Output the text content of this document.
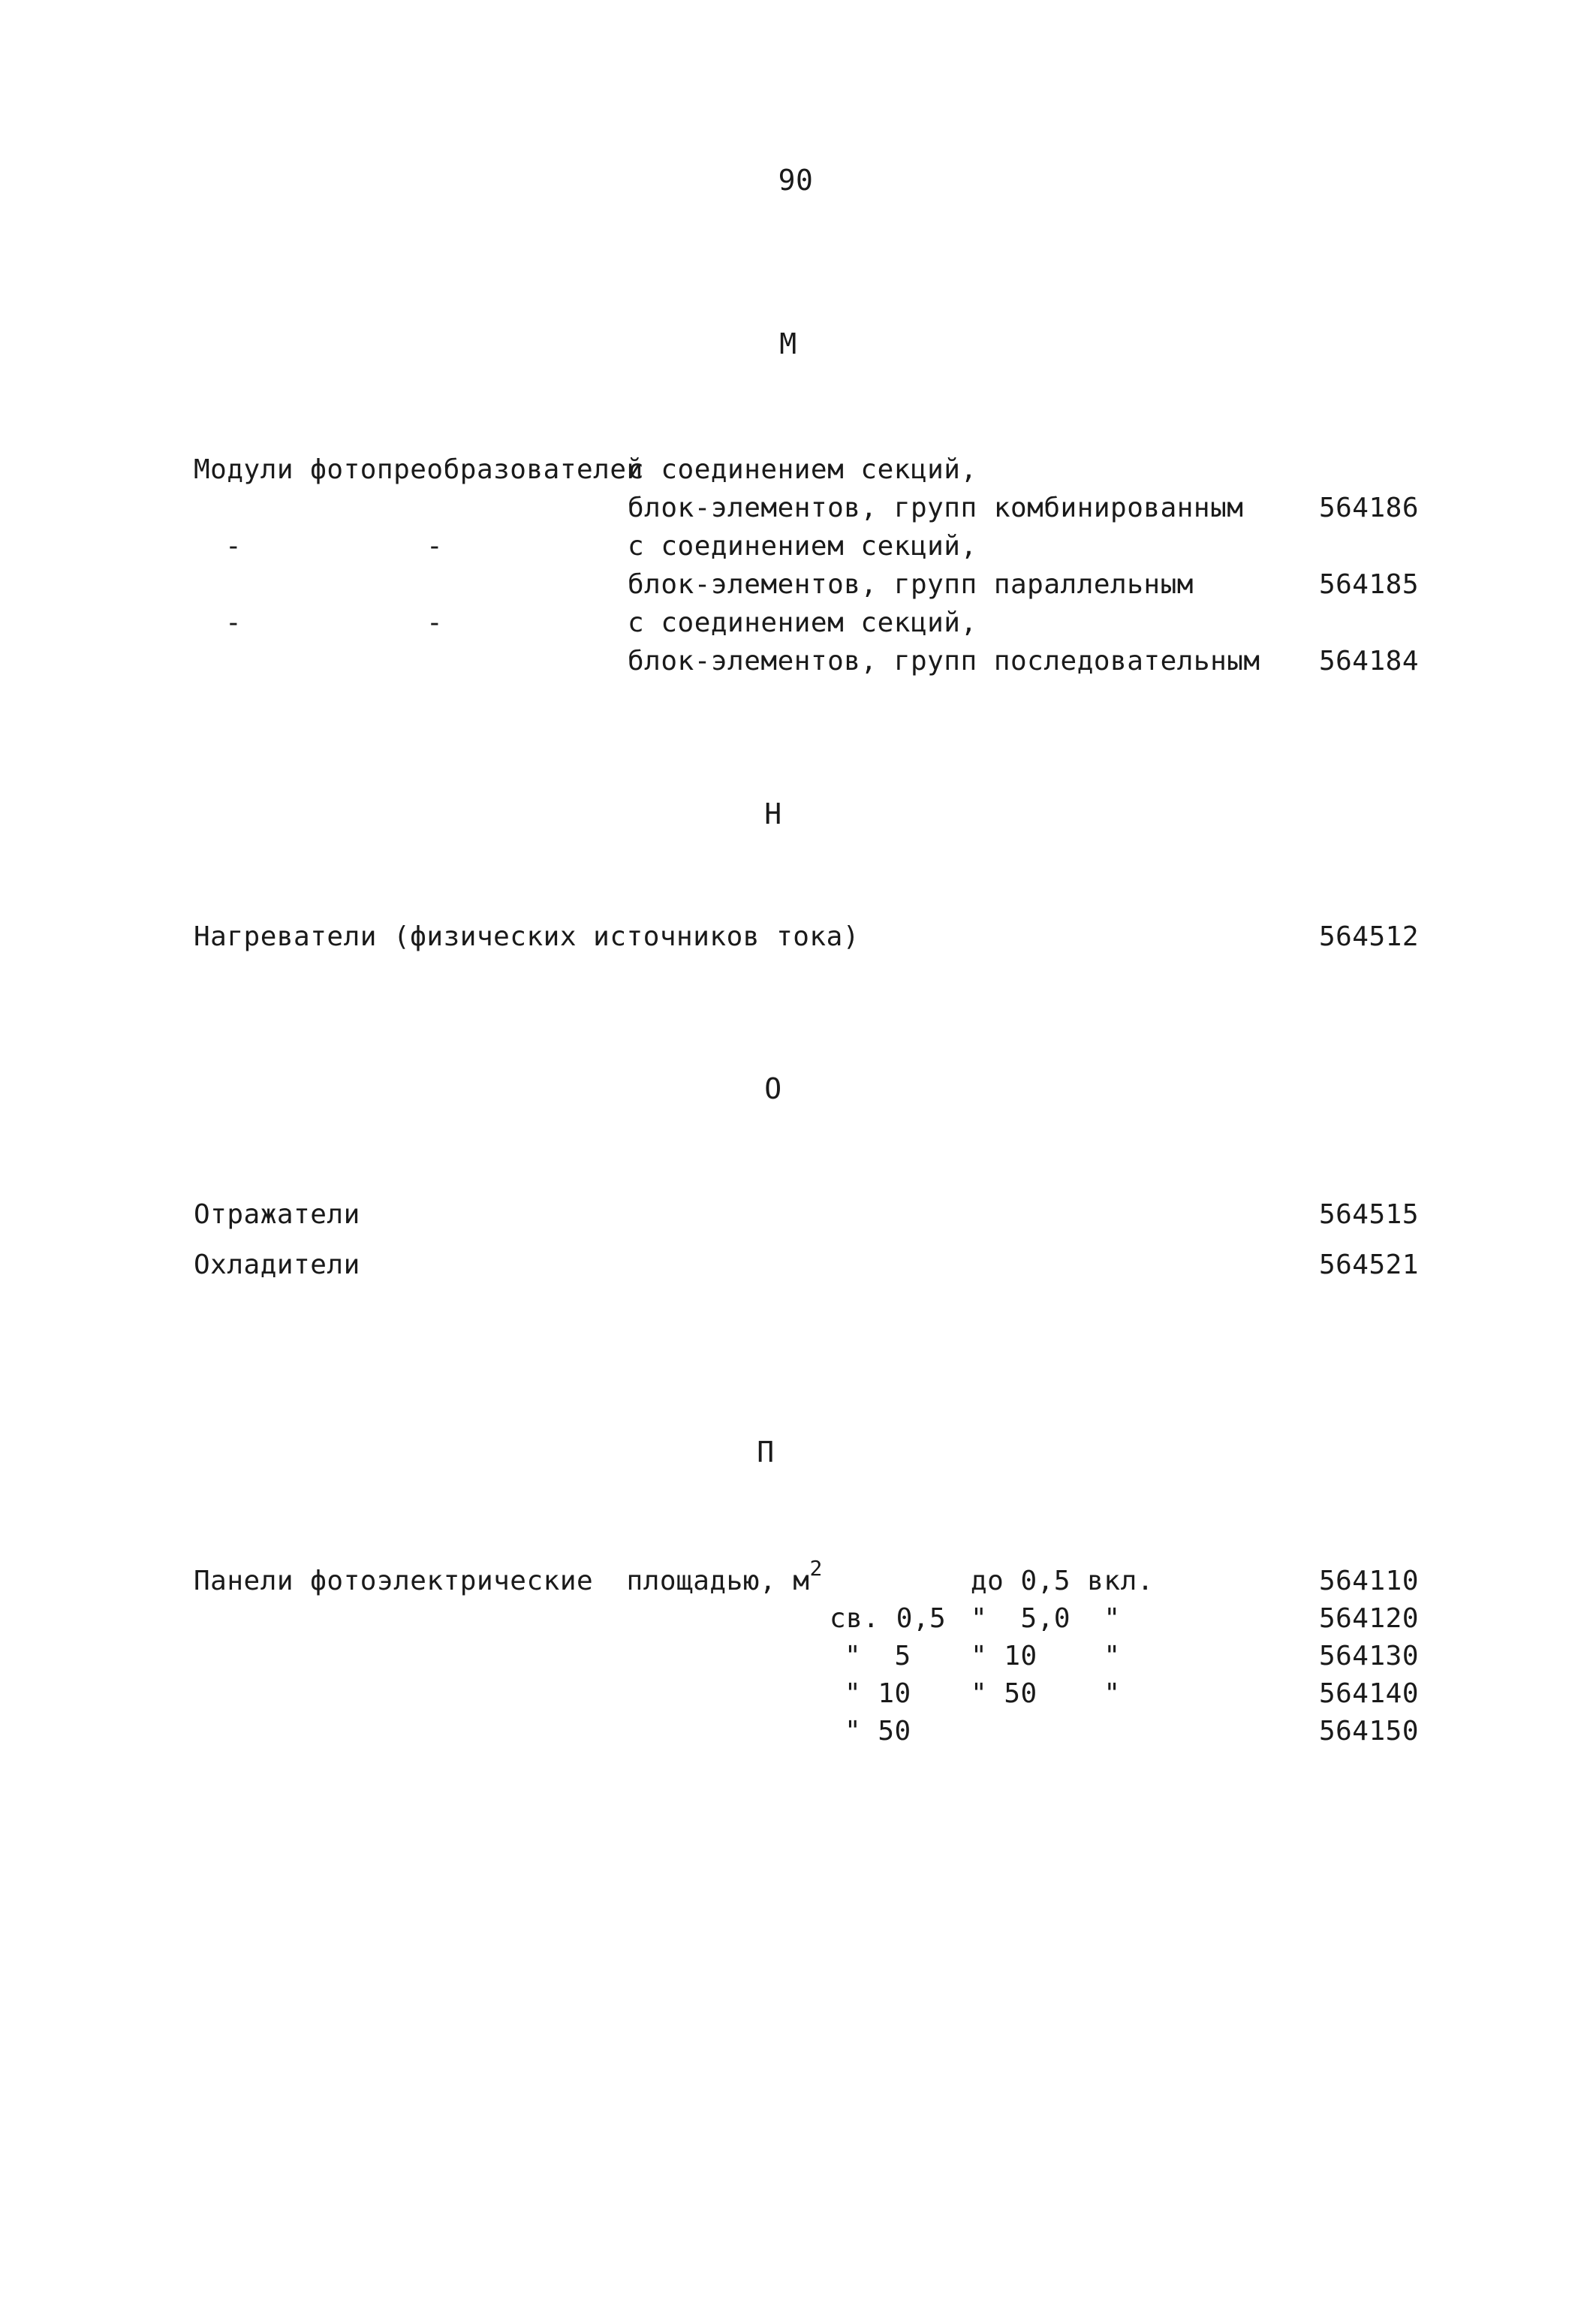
90
М
Модули фотопреобразователей
с соединением секций,
блок-элементов, групп комбинированным	564186
-	-	с соединением секций,
блок-элементов, групп параллельным	564185
-	-	с соединением секций,
блок-элементов, групп последовательным	564184
Н
Нагреватели (физических источников тока)	564512
О
Отражатели	564515
Охладители	564521
П
Панели фотоэлектрические  площадью, $м^2$	до 0,5 вкл.	564110
св. 0,5 "  5,0  "	564120
"  5 " 10    "	564130
" 10 " 50    "	564140
" 50	564150
